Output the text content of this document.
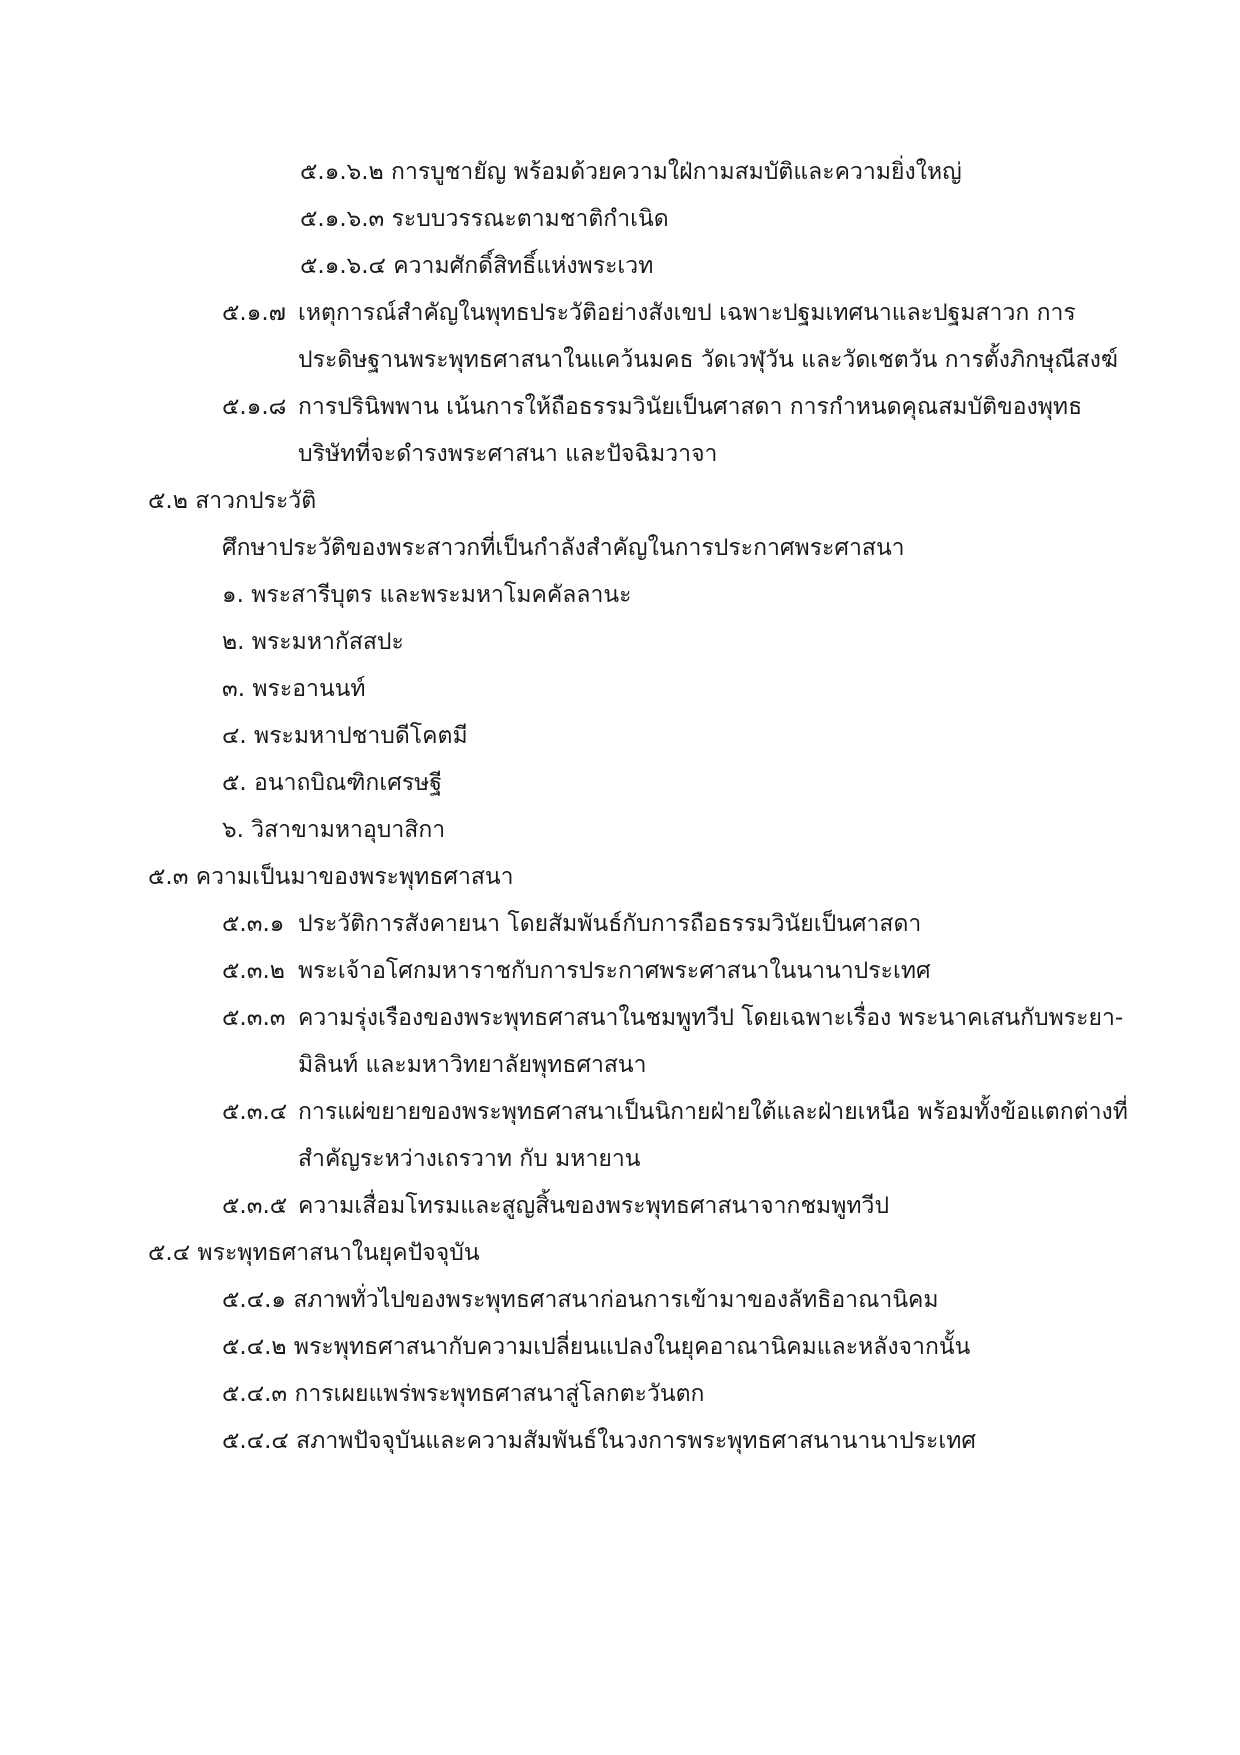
๕.๑.๖.๒ การบูชายัญ พร้อมด้วยความใฝ่กามสมบัติและความยิ่งใหญ่
๕.๑.๖.๓ ระบบวรรณะตามชาติกำเนิด
๕.๑.๖.๔ ความศักดิ์สิทธิ์แห่งพระเวท
๕.๑.๗ เหตุการณ์สำคัญในพุทธประวัติอย่างสังเขป เฉพาะปฐมเทศนาและปฐมสาวก การ
ประดิษฐานพระพุทธศาสนาในแคว้นมคธ วัดเวฬุวัน และวัดเชตวัน การตั้งภิกษุณีสงฆ์
๕.๑.๘ การปรินิพพาน เน้นการให้ถือธรรมวินัยเป็นศาสดา การกำหนดคุณสมบัติของพุทธ
บริษัทที่จะดำรงพระศาสนา และปัจฉิมวาจา
๕.๒ สาวกประวัติ
ศึกษาประวัติของพระสาวกที่เป็นกำลังสำคัญในการประกาศพระศาสนา
๑. พระสารีบุตร และพระมหาโมคคัลลานะ
๒. พระมหากัสสปะ
๓. พระอานนท์
๔. พระมหาปชาบดีโคตมี
๕. อนาถบิณฑิกเศรษฐี
๖. วิสาขามหาอุบาสิกา
๕.๓ ความเป็นมาของพระพุทธศาสนา
๕.๓.๑ ประวัติการสังคายนา โดยสัมพันธ์กับการถือธรรมวินัยเป็นศาสดา
๕.๓.๒ พระเจ้าอโศกมหาราชกับการประกาศพระศาสนาในนานาประเทศ
๕.๓.๓ ความรุ่งเรืองของพระพุทธศาสนาในชมพูทวีป โดยเฉพาะเรื่อง พระนาคเสนกับพระยา-
มิลินท์ และมหาวิทยาลัยพุทธศาสนา
๕.๓.๔ การแผ่ขยายของพระพุทธศาสนาเป็นนิกายฝ่ายใต้และฝ่ายเหนือ พร้อมทั้งข้อแตกต่างที่
สำคัญระหว่างเถรวาท กับ มหายาน
๕.๓.๕ ความเสื่อมโทรมและสูญสิ้นของพระพุทธศาสนาจากชมพูทวีป
๕.๔ พระพุทธศาสนาในยุคปัจจุบัน
๕.๔.๑ สภาพทั่วไปของพระพุทธศาสนาก่อนการเข้ามาของลัทธิอาณานิคม
๕.๔.๒ พระพุทธศาสนากับความเปลี่ยนแปลงในยุคอาณานิคมและหลังจากนั้น
๕.๔.๓ การเผยแพร่พระพุทธศาสนาสู่โลกตะวันตก
๕.๔.๔ สภาพปัจจุบันและความสัมพันธ์ในวงการพระพุทธศาสนานานาประเทศ
